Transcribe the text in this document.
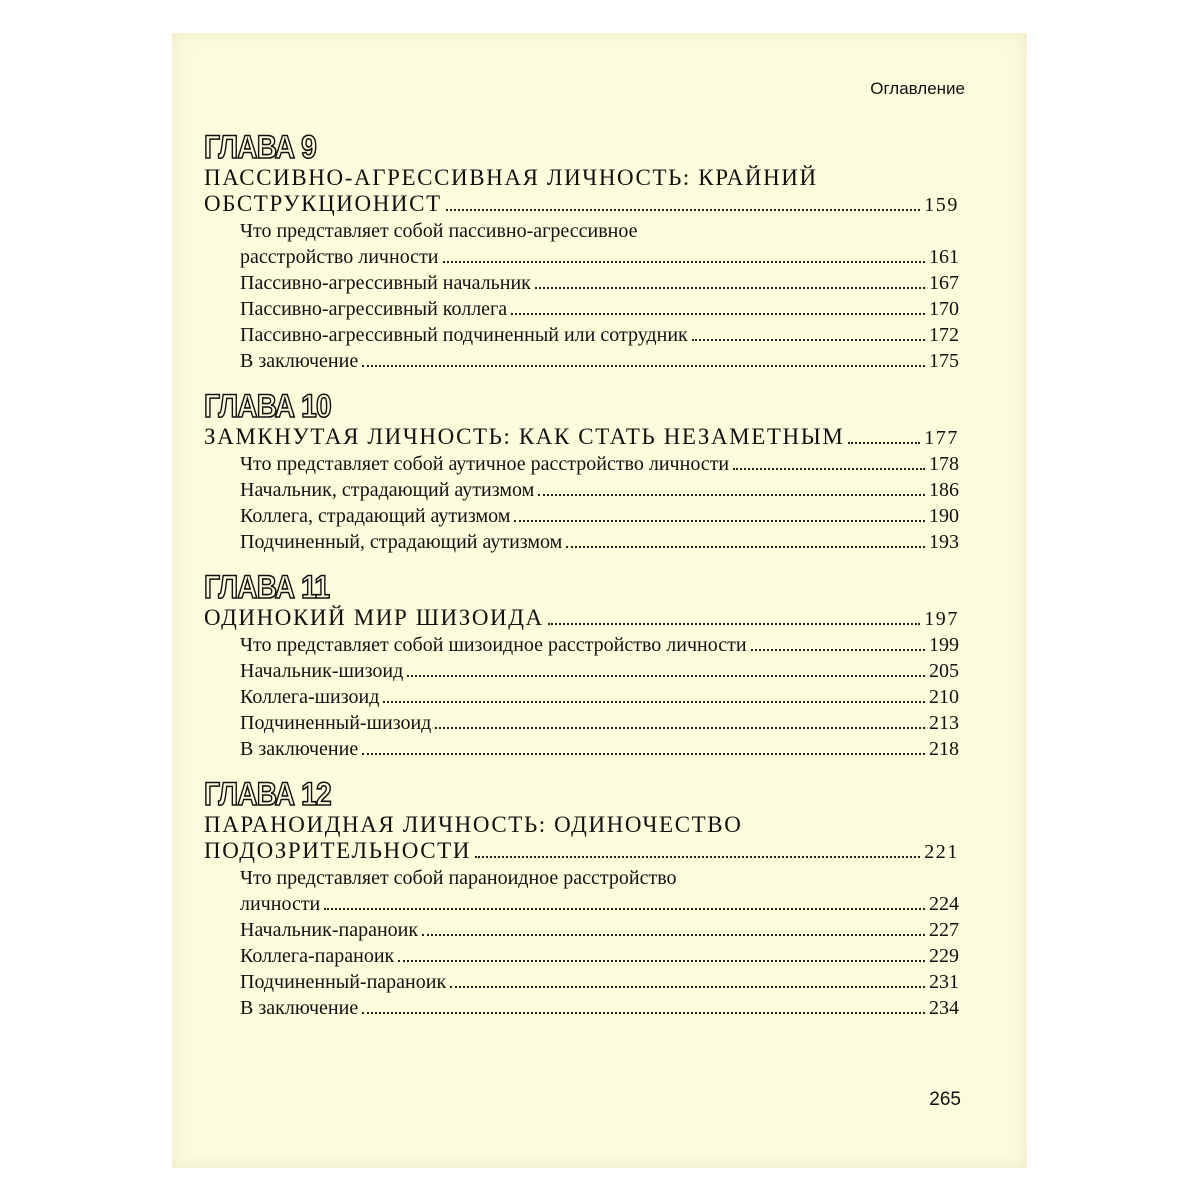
Оглавление
ГЛАВА 9
ПАССИВНО-АГРЕССИВНАЯ ЛИЧНОСТЬ: КРАЙНИЙ
ОБСТРУКЦИОНИСТ	159
Что представляет собой пассивно-агрессивное
расстройство личности	161
Пассивно-агрессивный начальник	167
Пассивно-агрессивный коллега	170
Пассивно-агрессивный подчиненный или сотрудник	172
В заключение	175
ГЛАВА 10
ЗАМКНУТАЯ ЛИЧНОСТЬ: КАК СТАТЬ НЕЗАМЕТНЫМ	177
Что представляет собой аутичное расстройство личности	178
Начальник, страдающий аутизмом	186
Коллега, страдающий аутизмом	190
Подчиненный, страдающий аутизмом	193
ГЛАВА 11
ОДИНОКИЙ МИР ШИЗОИДА	197
Что представляет собой шизоидное расстройство личности	199
Начальник-шизоид	205
Коллега-шизоид	210
Подчиненный-шизоид	213
В заключение	218
ГЛАВА 12
ПАРАНОИДНАЯ ЛИЧНОСТЬ: ОДИНОЧЕСТВО
ПОДОЗРИТЕЛЬНОСТИ	221
Что представляет собой параноидное расстройство
личности	224
Начальник-параноик	227
Коллега-параноик	229
Подчиненный-параноик	231
В заключение	234
265
